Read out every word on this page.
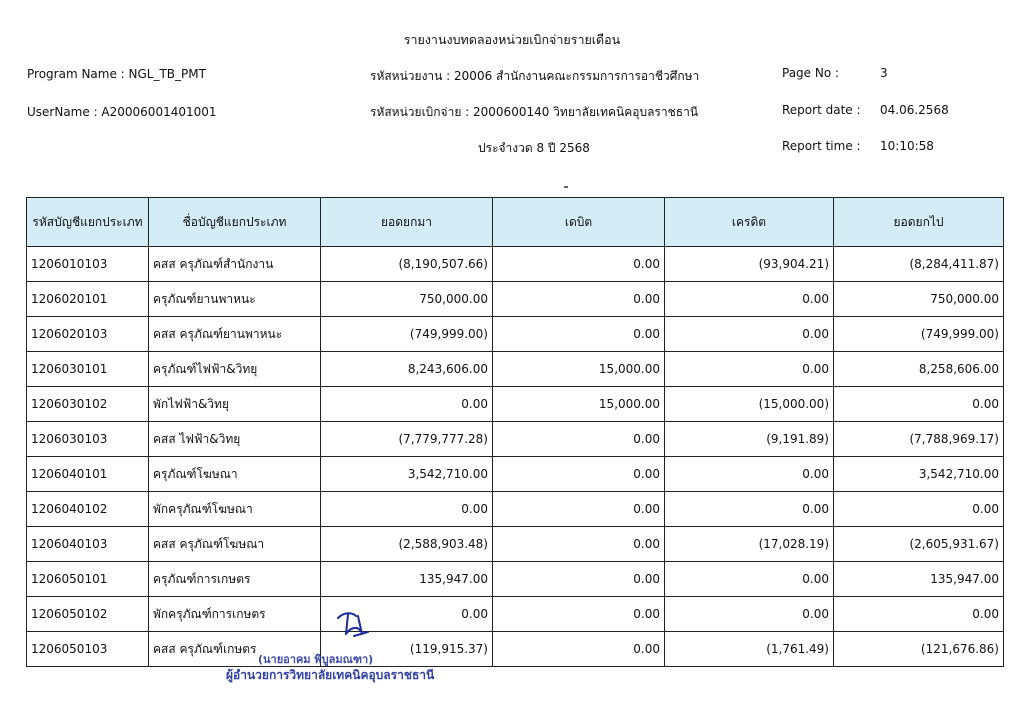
รายงานงบทดลองหน่วยเบิกจ่ายรายเดือน
Program Name : NGL_TB_PMT
UserName : A20006001401001
รหัสหน่วยงาน : 20006 สำนักงานคณะกรรมการการอาชีวศึกษา
รหัสหน่วยเบิกจ่าย : 2000600140 วิทยาลัยเทคนิคอุบลราชธานี
ประจำงวด 8 ปี 2568
Page No :	3
Report date : 04.06.2568
Report time : 10:10:58
รหัสบัญชีแยกประเภท	ชื่อบัญชีแยกประเภท	ยอดยกมา	เดบิต	เครดิต	ยอดยกไป
1206010103	คสส ครุภัณฑ์สำนักงาน	(8,190,507.66)	0.00	(93,904.21)	(8,284,411.87)
1206020101	ครุภัณฑ์ยานพาหนะ	750,000.00	0.00	0.00	750,000.00
1206020103	คสส ครุภัณฑ์ยานพาหนะ	(749,999.00)	0.00	0.00	(749,999.00)
1206030101	ครุภัณฑ์ไฟฟ้า&วิทยุ	8,243,606.00	15,000.00	0.00	8,258,606.00
1206030102	พักไฟฟ้า&วิทยุ	0.00	15,000.00	(15,000.00)	0.00
1206030103	คสส ไฟฟ้า&วิทยุ	(7,779,777.28)	0.00	(9,191.89)	(7,788,969.17)
1206040101	ครุภัณฑ์โฆษณา	3,542,710.00	0.00	0.00	3,542,710.00
1206040102	พักครุภัณฑ์โฆษณา	0.00	0.00	0.00	0.00
1206040103	คสส ครุภัณฑ์โฆษณา	(2,588,903.48)	0.00	(17,028.19)	(2,605,931.67)
1206050101	ครุภัณฑ์การเกษตร	135,947.00	0.00	0.00	135,947.00
1206050102	พักครุภัณฑ์การเกษตร	0.00	0.00	0.00	0.00
1206050103	คสส ครุภัณฑ์เกษตร	(119,915.37)	0.00	(1,761.49)	(121,676.86)
(นายอาคม พิบูลมณฑา)
ผู้อำนวยการวิทยาลัยเทคนิคอุบลราชธานี
